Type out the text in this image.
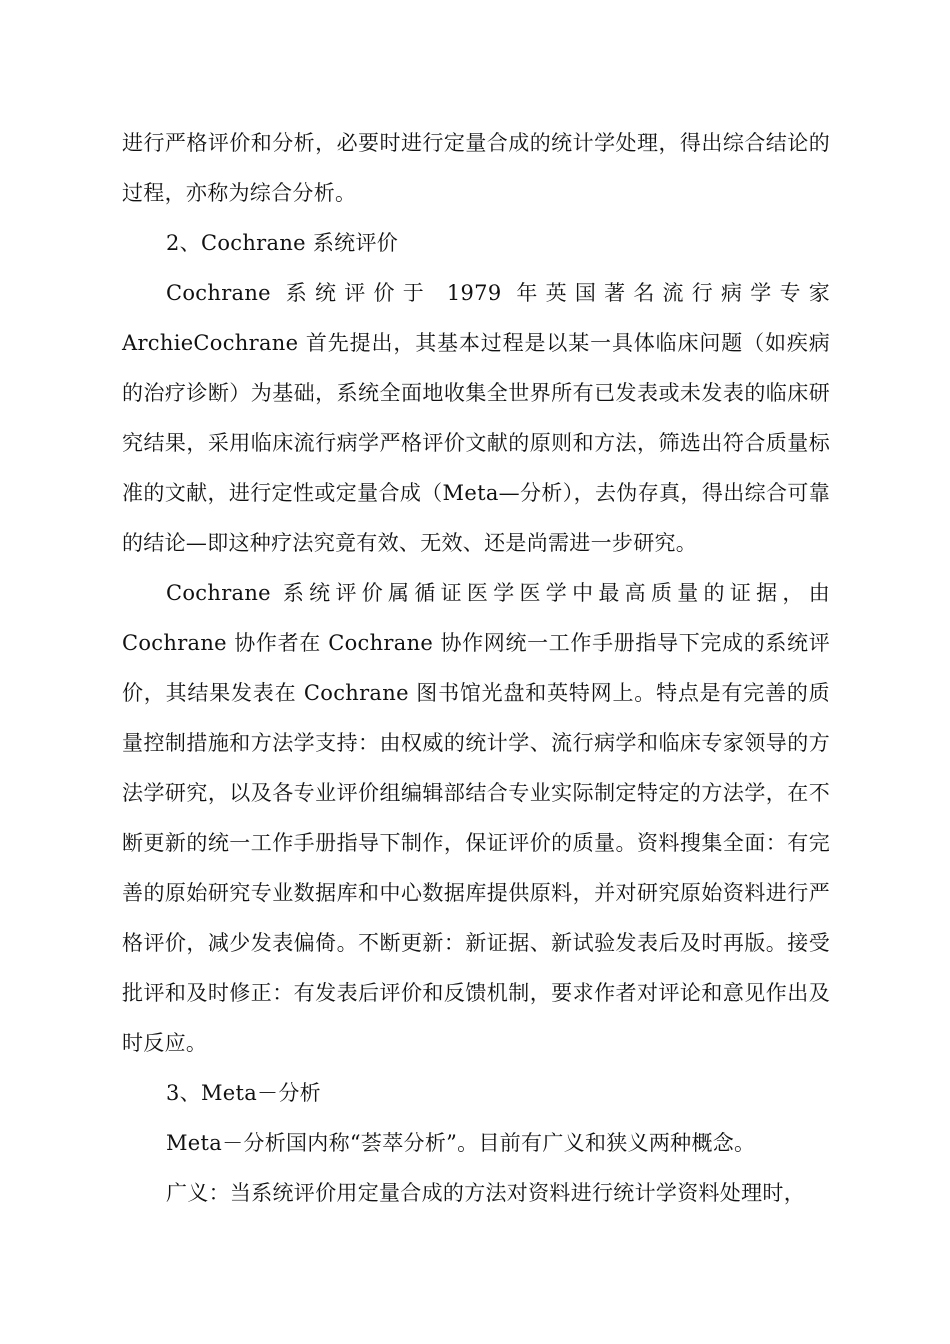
进行严格评价和分析，必要时进行定量合成的统计学处理，得出综合结论的过程，亦称为综合分析。

2、Cochrane 系统评价

Cochrane 系统评价于 1979 年英国著名流行病学专家 ArchieCochrane 首先提出，其基本过程是以某一具体临床问题（如疾病的治疗诊断）为基础，系统全面地收集全世界所有已发表或未发表的临床研究结果，采用临床流行病学严格评价文献的原则和方法，筛选出符合质量标准的文献，进行定性或定量合成（Meta—分析），去伪存真，得出综合可靠的结论—即这种疗法究竟有效、无效、还是尚需进一步研究。

Cochrane 系统评价属循证医学医学中最高质量的证据，由 Cochrane 协作者在 Cochrane 协作网统一工作手册指导下完成的系统评价，其结果发表在 Cochrane 图书馆光盘和英特网上。特点是有完善的质量控制措施和方法学支持：由权威的统计学、流行病学和临床专家领导的方法学研究，以及各专业评价组编辑部结合专业实际制定特定的方法学，在不断更新的统一工作手册指导下制作，保证评价的质量。资料搜集全面：有完善的原始研究专业数据库和中心数据库提供原料，并对研究原始资料进行严格评价，减少发表偏倚。不断更新：新证据、新试验发表后及时再版。接受批评和及时修正：有发表后评价和反馈机制，要求作者对评论和意见作出及时反应。

3、Meta－分析

Meta－分析国内称“荟萃分析”。目前有广义和狭义两种概念。

广义：当系统评价用定量合成的方法对资料进行统计学资料处理时，
